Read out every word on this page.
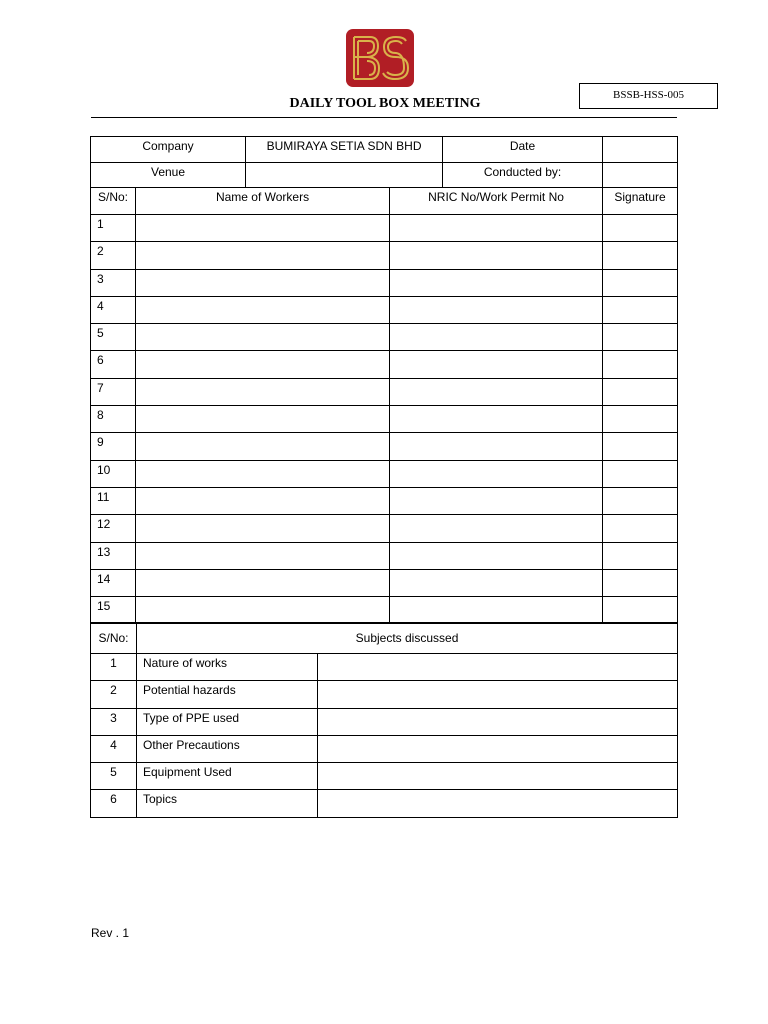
BSSB-HSS-005
DAILY TOOL BOX MEETING
Company		BUMIRAYA SETIA SDN BHD		Date	
Venue				Conducted by:	
S/No:	Name of Workers		NRIC No/Work Permit No		Signature
1					
2					
3					
4					
5					
6					
7					
8					
9					
10					
11					
12					
13					
14					
15					
S/No:	Subjects discussed	
1	Nature of works	
2	Potential hazards	
3	Type of PPE used	
4	Other Precautions	
5	Equipment Used	
6	Topics	
Rev . 1
